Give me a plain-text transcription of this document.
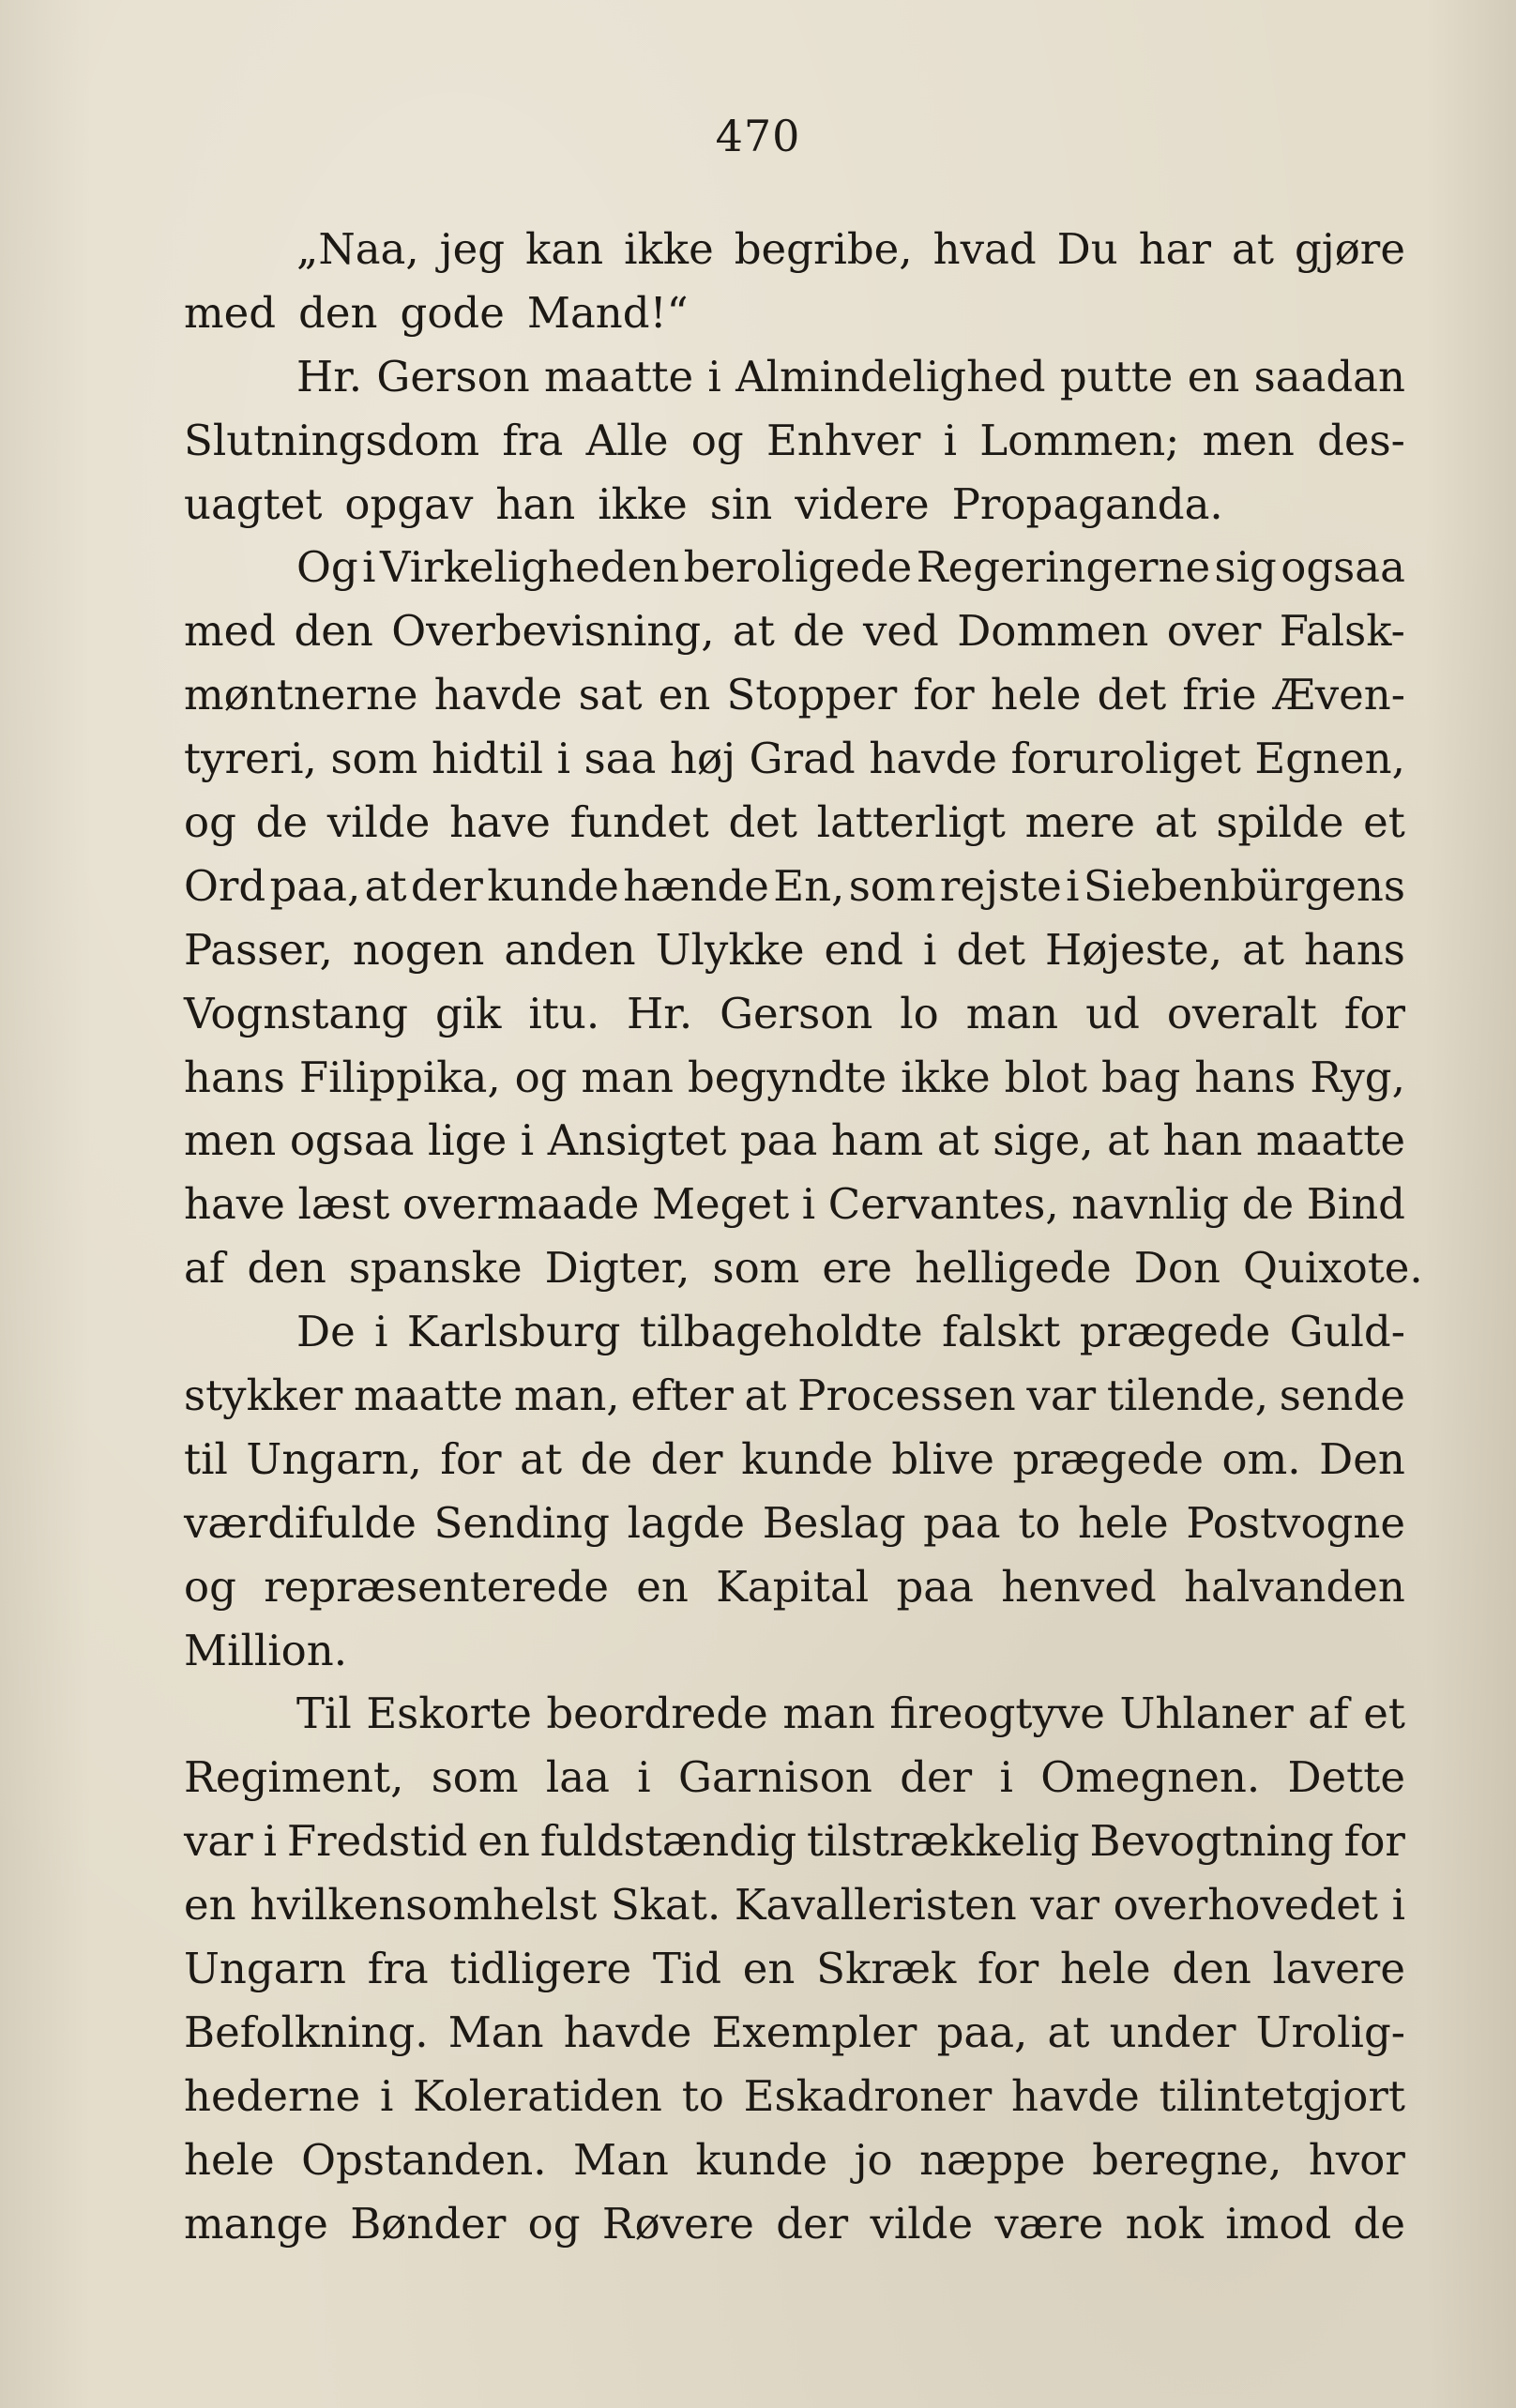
470
„Naa, jeg kan ikke begribe, hvad Du har at gjøre
med den gode Mand!“
Hr. Gerson maatte i Almindelighed putte en saadan
Slutningsdom fra Alle og Enhver i Lommen; men des-
uagtet opgav han ikke sin videre Propaganda.
Og i Virkeligheden beroligede Regeringerne sig ogsaa
med den Overbevisning, at de ved Dommen over Falsk-
møntnerne havde sat en Stopper for hele det frie Æven-
tyreri, som hidtil i saa høj Grad havde foruroliget Egnen,
og de vilde have fundet det latterligt mere at spilde et
Ord paa, at der kunde hænde En, som rejste i Siebenbürgens
Passer, nogen anden Ulykke end i det Højeste, at hans
Vognstang gik itu. Hr. Gerson lo man ud overalt for
hans Filippika, og man begyndte ikke blot bag hans Ryg,
men ogsaa lige i Ansigtet paa ham at sige, at han maatte
have læst overmaade Meget i Cervantes, navnlig de Bind
af den spanske Digter, som ere helligede Don Quixote.
De i Karlsburg tilbageholdte falskt prægede Guld-
stykker maatte man, efter at Processen var tilende, sende
til Ungarn, for at de der kunde blive prægede om. Den
værdifulde Sending lagde Beslag paa to hele Postvogne
og repræsenterede en Kapital paa henved halvanden
Million.
Til Eskorte beordrede man fireogtyve Uhlaner af et
Regiment, som laa i Garnison der i Omegnen. Dette
var i Fredstid en fuldstændig tilstrækkelig Bevogtning for
en hvilkensomhelst Skat. Kavalleristen var overhovedet i
Ungarn fra tidligere Tid en Skræk for hele den lavere
Befolkning. Man havde Exempler paa, at under Urolig-
hederne i Koleratiden to Eskadroner havde tilintetgjort
hele Opstanden. Man kunde jo næppe beregne, hvor
mange Bønder og Røvere der vilde være nok imod de
